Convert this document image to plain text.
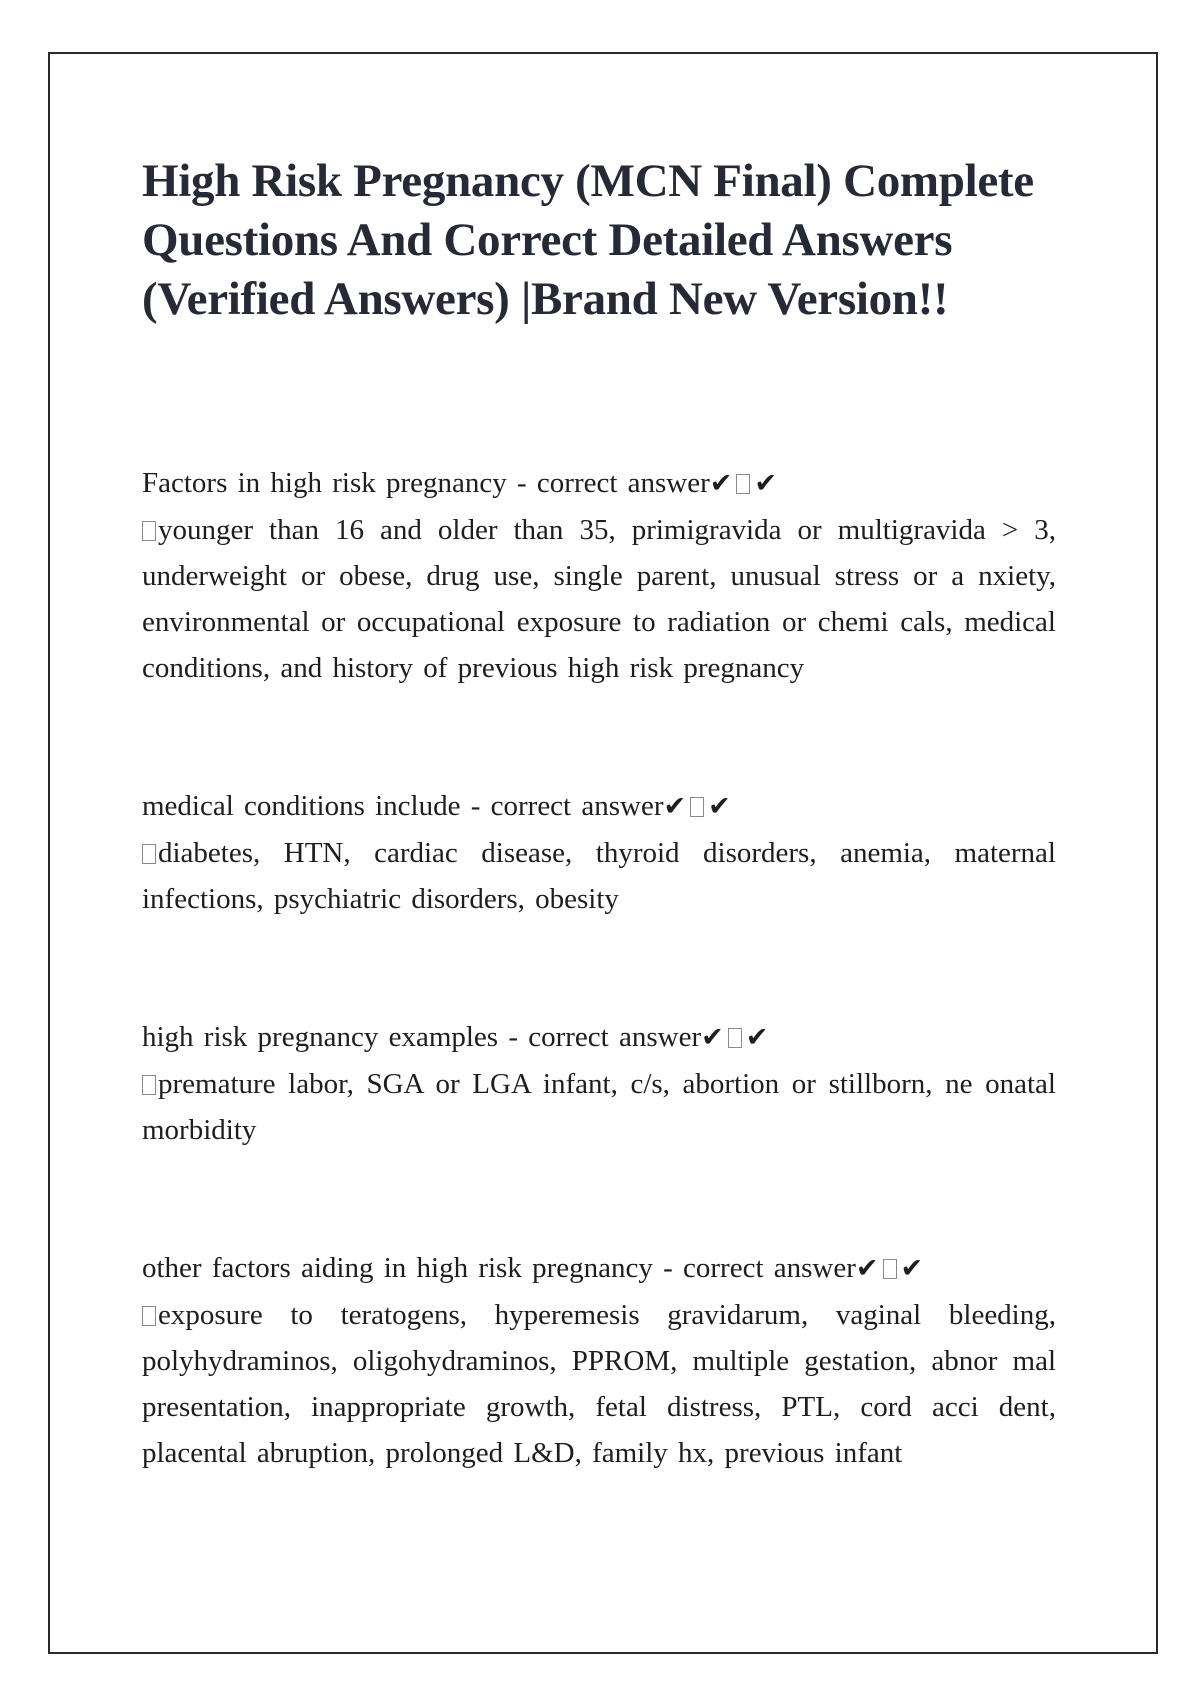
High Risk Pregnancy (MCN Final) Complete Questions And Correct Detailed Answers (Verified Answers) |Brand New Version!!

Factors in high risk pregnancy - correct answer✔ ✔

younger than 16 and older than 35, primigravida or multigravida > 3, underweight or obese, drug use, single parent, unusual stress or a nxiety, environmental or occupational exposure to radiation or chemi cals, medical conditions, and history of previous high risk pregnancy

medical conditions include - correct answer✔ ✔

diabetes, HTN, cardiac disease, thyroid disorders, anemia, maternal infections, psychiatric disorders, obesity

high risk pregnancy examples - correct answer✔ ✔

premature labor, SGA or LGA infant, c/s, abortion or stillborn, ne onatal morbidity

other factors aiding in high risk pregnancy - correct answer✔ ✔

exposure to teratogens, hyperemesis gravidarum, vaginal bleeding, polyhydraminos, oligohydraminos, PPROM, multiple gestation, abnor mal presentation, inappropriate growth, fetal distress, PTL, cord acci dent, placental abruption, prolonged L&D, family hx, previous infant
